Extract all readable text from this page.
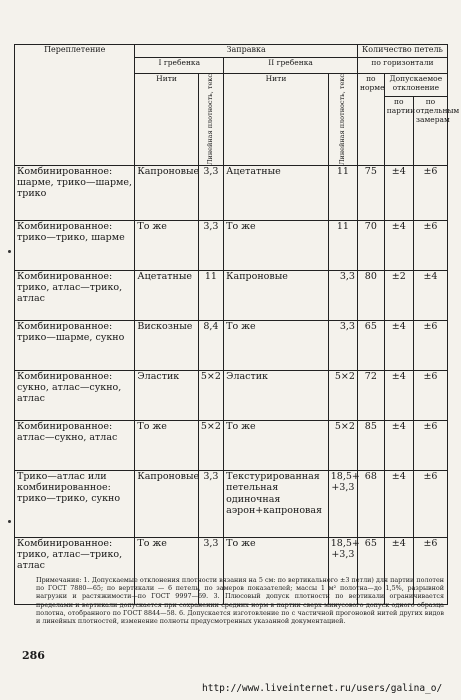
Переплетение	Заправка				Количество петель		
	I гребенка		II гребенка		по горизонтали		
	Нити	Линейная плотность, текс	Нити	Линейная плотность, текс	по норме	Допускаемое отклонение	
						по партии	по отдельным замерам
Комбинированное: шарме, трико—шарме, трико	Капроновые	3,3	Ацетатные	11	75	±4	±6
Комбинированное: трико—трико, шарме	То же	3,3	То же	11	70	±4	±6
Комбинированное: трико, атлас—трико, атлас	Ацетатные	11	Капроновые	3,3	80	±2	±4
Комбинированное: трико—шарме, сукно	Вискозные	8,4	То же	3,3	65	±4	±6
Комбинированное: сукно, атлас—сукно, атлас	Эластик	5×2	Эластик	5×2	72	±4	±6
Комбинированное: атлас—сукно, атлас	То же	5×2	То же	5×2	85	±4	±6
Трико—атлас или комбинированное: трико—трико, сукно	Капроновые	3,3	Текстурированная петельная одиночная аэрон+капроновая	18,5+ +3,3	68	±4	±6
Комбинированное: трико, атлас—трико, атлас	То же	3,3	То же	18,5+ +3,3	65	±4	±6
Примечания: 1. Допускаемые отклонения плотности вязания на 5 см: по вертикального ±3 петли) для партии полотен по ГОСТ 7880—65; по вертикали — 6 петель, по замеров показателей; массы 1 м² полотна—до 1,5%, разрывной нагрузки и растяжимости—по ГОСТ 9997—69. 3. Плюсовый допуск плотности по вертикали ограничивается пределами и вертикали допускается при сохранении средних норм в партии сверх минусового допуск одного образца полотна, отобранного по ГОСТ 8844—58. 6. Допускается изготовление по с частичной прогоновой нитей других видов и линейных плотностей, изменение полноты предусмотренных указанной документацией.
286
http://www.liveinternet.ru/users/galina_o/
